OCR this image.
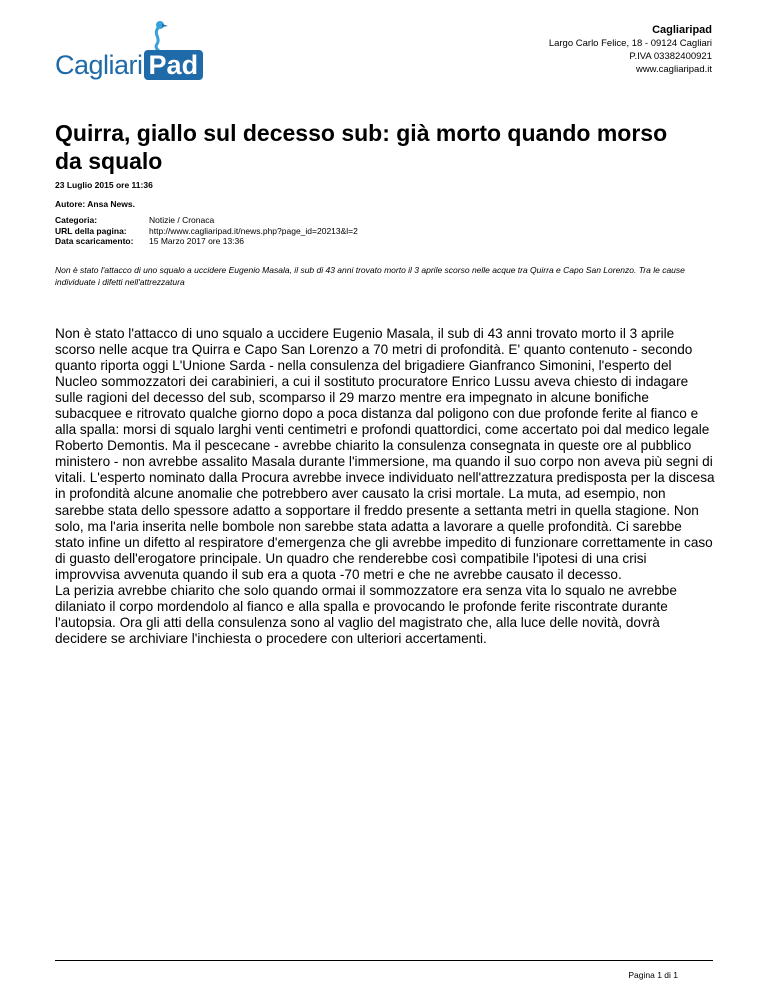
Cagliari Pad
Cagliaripad
Largo Carlo Felice, 18 - 09124 Cagliari
P.IVA 03382400921
www.cagliaripad.it
Quirra, giallo sul decesso sub: già morto quando morso da squalo
23 Luglio 2015 ore 11:36
Autore: Ansa News.
Categoria:	Notizie / Cronaca
URL della pagina:	http://www.cagliaripad.it/news.php?page_id=20213&l=2
Data scaricamento:	15 Marzo 2017 ore 13:36

Non è stato l'attacco di uno squalo a uccidere Eugenio Masala, il sub di 43 anni trovato morto il 3 aprile scorso nelle acque tra Quirra e Capo San Lorenzo. Tra le cause individuate i difetti nell'attrezzatura

Non è stato l'attacco di uno squalo a uccidere Eugenio Masala, il sub di 43 anni trovato morto il 3 aprile scorso nelle acque tra Quirra e Capo San Lorenzo a 70 metri di profondità. E' quanto contenuto - secondo quanto riporta oggi L'Unione Sarda - nella consulenza del brigadiere Gianfranco Simonini, l'esperto del Nucleo sommozzatori dei carabinieri, a cui il sostituto procuratore Enrico Lussu aveva chiesto di indagare sulle ragioni del decesso del sub, scomparso il 29 marzo mentre era impegnato in alcune bonifiche subacquee e ritrovato qualche giorno dopo a poca distanza dal poligono con due profonde ferite al fianco e alla spalla: morsi di squalo larghi venti centimetri e profondi quattordici, come accertato poi dal medico legale Roberto Demontis. Ma il pescecane - avrebbe chiarito la consulenza consegnata in queste ore al pubblico ministero - non avrebbe assalito Masala durante l'immersione, ma quando il suo corpo non aveva più segni di vitali. L'esperto nominato dalla Procura avrebbe invece individuato nell'attrezzatura predisposta per la discesa in profondità alcune anomalie che potrebbero aver causato la crisi mortale. La muta, ad esempio, non sarebbe stata dello spessore adatto a sopportare il freddo presente a settanta metri in quella stagione. Non solo, ma l'aria inserita nelle bombole non sarebbe stata adatta a lavorare a quelle profondità. Ci sarebbe stato infine un difetto al respiratore d'emergenza che gli avrebbe impedito di funzionare correttamente in caso di guasto dell'erogatore principale. Un quadro che renderebbe così compatibile l'ipotesi di una crisi improvvisa avvenuta quando il sub era a quota -70 metri e che ne avrebbe causato il decesso.

La perizia avrebbe chiarito che solo quando ormai il sommozzatore era senza vita lo squalo ne avrebbe dilaniato il corpo mordendolo al fianco e alla spalla e provocando le profonde ferite riscontrate durante l'autopsia. Ora gli atti della consulenza sono al vaglio del magistrato che, alla luce delle novità, dovrà decidere se archiviare l'inchiesta o procedere con ulteriori accertamenti.

Pagina 1 di 1
